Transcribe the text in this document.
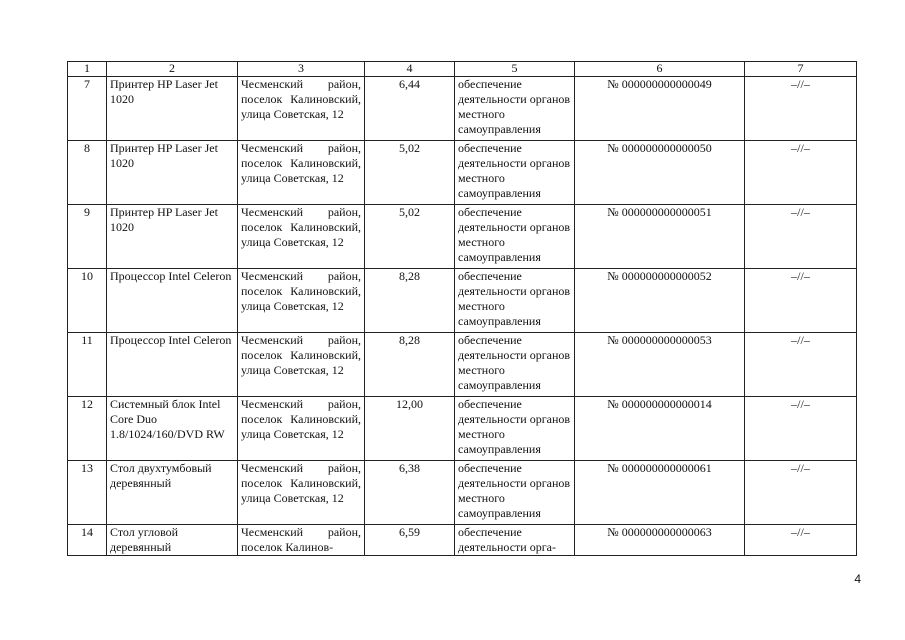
1	2	3	4	5	6	7
7	Принтер HP Laser Jet 1020	Чесменский район, поселок Калиновский, улица Советская, 12	6,44	обеспечение деятельности органов местного самоуправления	№ 000000000000049	–//–
8	Принтер HP Laser Jet 1020	Чесменский район, поселок Калиновский, улица Советская, 12	5,02	обеспечение деятельности органов местного самоуправления	№ 000000000000050	–//–
9	Принтер HP Laser Jet 1020	Чесменский район, поселок Калиновский, улица Советская, 12	5,02	обеспечение деятельности органов местного самоуправления	№ 000000000000051	–//–
10	Процессор Intel Celeron	Чесменский район, поселок Калиновский, улица Советская, 12	8,28	обеспечение деятельности органов местного самоуправления	№ 000000000000052	–//–
11	Процессор Intel Celeron	Чесменский район, поселок Калиновский, улица Советская, 12	8,28	обеспечение деятельности органов местного самоуправления	№ 000000000000053	–//–
12	Системный блок Intel Core Duo 1.8/1024/160/DVD RW	Чесменский район, поселок Калиновский, улица Советская, 12	12,00	обеспечение деятельности органов местного самоуправления	№ 000000000000014	–//–
13	Стол двухтумбовый деревянный	Чесменский район, поселок Калиновский, улица Советская, 12	6,38	обеспечение деятельности органов местного самоуправления	№ 000000000000061	–//–
14	Стол угловой деревянный	Чесменский район, поселок Калинов-	6,59	обеспечение деятельности орга-	№ 000000000000063	–//–
4
